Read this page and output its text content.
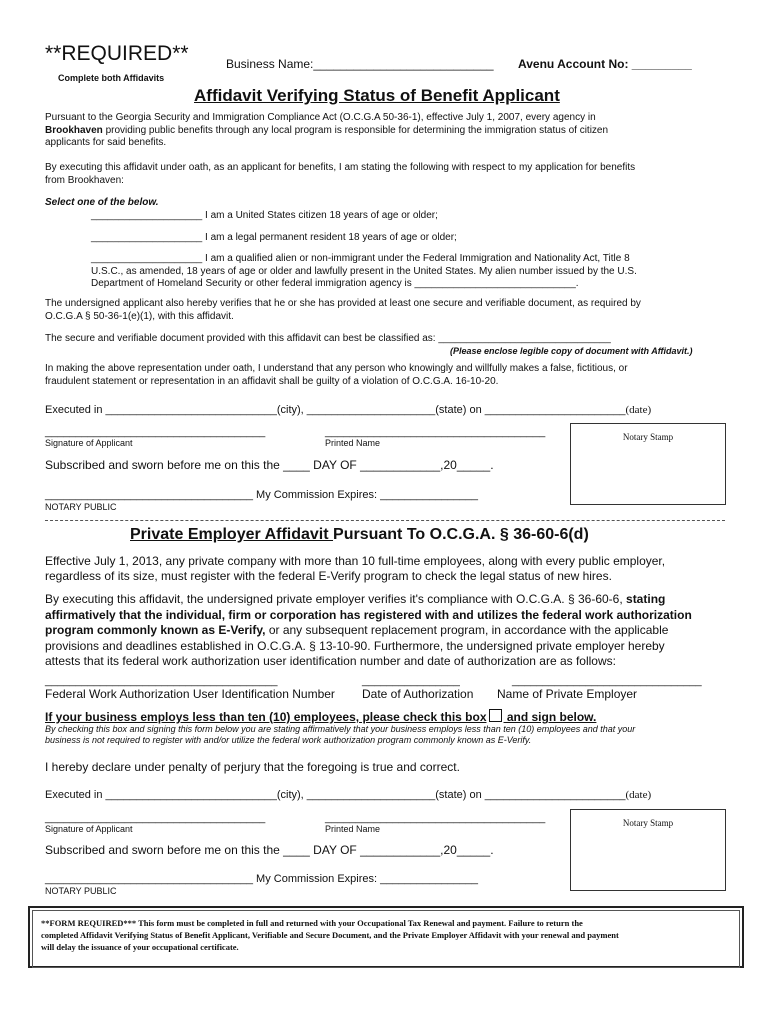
**REQUIRED**
Complete both Affidavits
Business Name:___________________________ Avenu Account No: _________
Affidavit Verifying Status of Benefit Applicant
Pursuant to the Georgia Security and Immigration Compliance Act (O.C.G.A 50-36-1), effective July 1, 2007, every agency in
Brookhaven providing public benefits through any local program is responsible for determining the immigration status of citizen
applicants for said benefits.
By executing this affidavit under oath, as an applicant for benefits, I am stating the following with respect to my application for benefits
from Brookhaven:
Select one of the below.
____________________ I am a United States citizen 18 years of age or older;
____________________ I am a legal permanent resident 18 years of age or older;
____________________ I am a qualified alien or non-immigrant under the Federal Immigration and Nationality Act, Title 8
U.S.C., as amended, 18 years of age or older and lawfully present in the United States. My alien number issued by the U.S.
Department of Homeland Security or other federal immigration agency is _____________________________.
The undersigned applicant also hereby verifies that he or she has provided at least one secure and verifiable document, as required by
O.C.G.A § 50-36-1(e)(1), with this affidavit.
The secure and verifiable document provided with this affidavit can best be classified as: _______________________________
(Please enclose legible copy of document with Affidavit.)
In making the above representation under oath, I understand that any person who knowingly and willfully makes a false, fictitious, or
fraudulent statement or representation in an affidavit shall be guilty of a violation of O.C.G.A. 16-10-20.
Executed in ____________________________(city), _____________________(state) on _______________________(date)
____________________________________
Signature of Applicant
____________________________________
Printed Name
Notary Stamp
Subscribed and sworn before me on this the ____ DAY OF ____________,20_____.
__________________________________ My Commission Expires: ________________
NOTARY PUBLIC
Private Employer Affidavit Pursuant To O.C.G.A. § 36-60-6(d)
Effective July 1, 2013, any private company with more than 10 full-time employees, along with every public employer,
regardless of its size, must register with the federal E-Verify program to check the legal status of new hires.
By executing this affidavit, the undersigned private employer verifies it's compliance with O.C.G.A. § 36-60-6, stating
affirmatively that the individual, firm or corporation has registered with and utilizes the federal work authorization
program commonly known as E-Verify, or any subsequent replacement program, in accordance with the applicable
provisions and deadlines established in O.C.G.A. § 13-10-90. Furthermore, the undersigned private employer hereby
attests that its federal work authorization user identification number and date of authorization are as follows:
______________________________________	________________	_______________________________
Federal Work Authorization User Identification Number Date of Authorization Name of Private Employer
If your business employs less than ten (10) employees, please check this box and sign below.
By checking this box and signing this form below you are stating affirmatively that your business employs less than ten (10) employees and that your
business is not required to register with and/or utilize the federal work authorization program commonly known as E-Verify.
I hereby declare under penalty of perjury that the foregoing is true and correct.
Executed in ____________________________(city), _____________________(state) on _______________________(date)
____________________________________
Signature of Applicant
____________________________________
Printed Name
Notary Stamp
Subscribed and sworn before me on this the ____ DAY OF ____________,20_____.
__________________________________ My Commission Expires: ________________
NOTARY PUBLIC
**FORM REQUIRED*** This form must be completed in full and returned with your Occupational Tax Renewal and payment. Failure to return the
completed Affidavit Verifying Status of Benefit Applicant, Verifiable and Secure Document, and the Private Employer Affidavit with your renewal and payment
will delay the issuance of your occupational certificate.
